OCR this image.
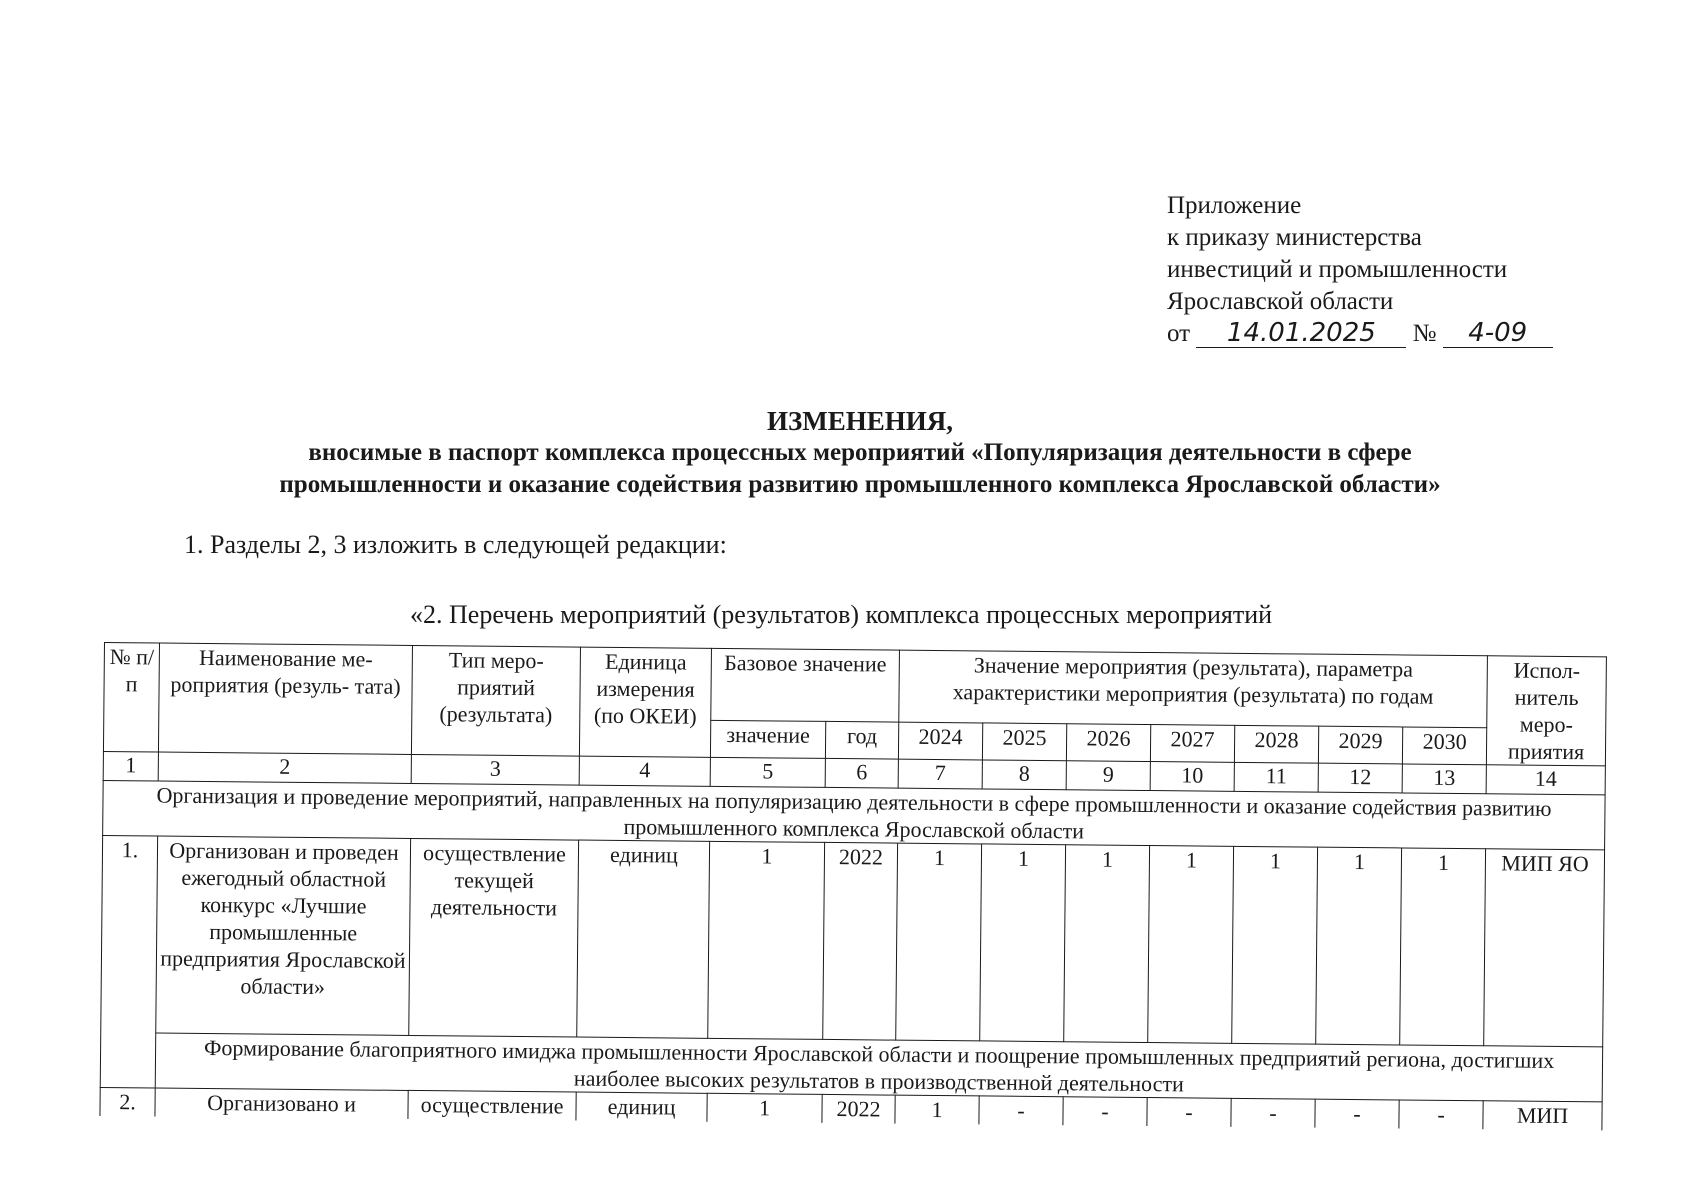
Приложение
к приказу министерства
инвестиций и промышленности
Ярославской области
от 14.01.2025 № 4-09
ИЗМЕНЕНИЯ,
вносимые в паспорт комплекса процессных мероприятий «Популяризация деятельности в сфере
промышленности и оказание содействия развитию промышленного комплекса Ярославской области»
1. Разделы 2, 3 изложить в следующей редакции:
«2. Перечень мероприятий (результатов) комплекса процессных мероприятий
№ п/п	Наименование ме- роприятия (резуль- тата)	Тип меро- приятий (результата)	Единица измерения (по ОКЕИ)	Базовое значение		Значение мероприятия (результата), параметра характеристики мероприятия (результата) по годам							Испол- нитель меро- приятия
				значение	год	2024	2025	2026	2027	2028	2029	2030	
1	2	3	4	5	6	7	8	9	10	11	12	13	14
Организация и проведение мероприятий, направленных на популяризацию деятельности в сфере промышленности и оказание содействия развитию промышленного комплекса Ярославской области													
1.	Организован и проведен ежегодный областной конкурс «Лучшие промышленные предприятия Ярославской области»	осуществление текущей деятельности	единиц	1	2022	1	1	1	1	1	1	1	МИП ЯО
	Формирование благоприятного имиджа промышленности Ярославской области и поощрение промышленных предприятий региона, достигших наиболее высоких результатов в производственной деятельности												
2.	Организовано и	осуществление	единиц	1	2022	1	-	-	-	-	-	-	МИП
